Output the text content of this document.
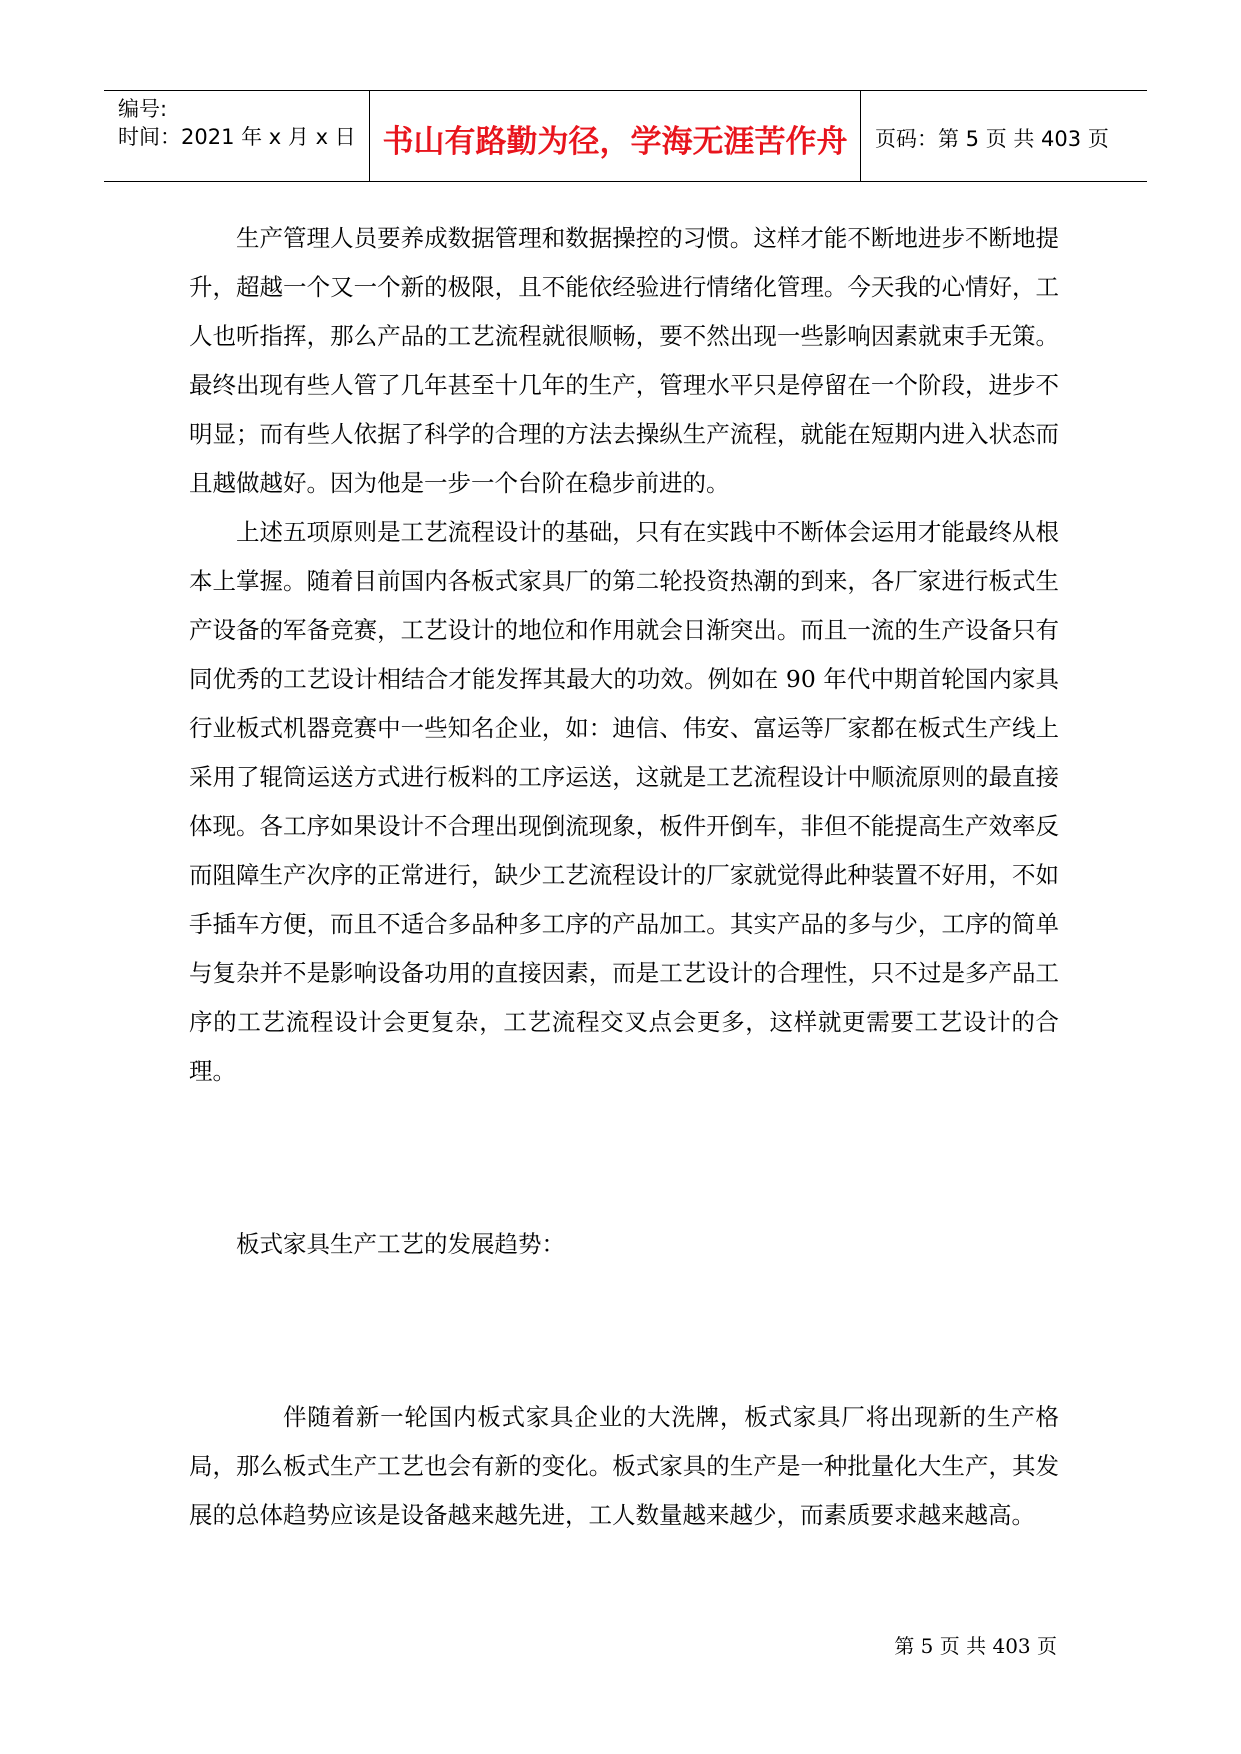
编号:
时间：2021 年 x 月 x 日 书山有路勤为径，学海无涯苦作舟	页码：第 5 页 共 403 页

生产管理人员要养成数据管理和数据操控的习惯。这样才能不断地进步不断地提升，超越一个又一个新的极限，且不能依经验进行情绪化管理。今天我的心情好，工人也听指挥，那么产品的工艺流程就很顺畅，要不然出现一些影响因素就束手无策。最终出现有些人管了几年甚至十几年的生产，管理水平只是停留在一个阶段，进步不明显；而有些人依据了科学的合理的方法去操纵生产流程，就能在短期内进入状态而且越做越好。因为他是一步一个台阶在稳步前进的。

上述五项原则是工艺流程设计的基础，只有在实践中不断体会运用才能最终从根本上掌握。随着目前国内各板式家具厂的第二轮投资热潮的到来，各厂家进行板式生产设备的军备竞赛，工艺设计的地位和作用就会日渐突出。而且一流的生产设备只有同优秀的工艺设计相结合才能发挥其最大的功效。例如在 90 年代中期首轮国内家具行业板式机器竞赛中一些知名企业，如：迪信、伟安、富运等厂家都在板式生产线上采用了辊筒运送方式进行板料的工序运送，这就是工艺流程设计中顺流原则的最直接体现。各工序如果设计不合理出现倒流现象，板件开倒车，非但不能提高生产效率反而阻障生产次序的正常进行，缺少工艺流程设计的厂家就觉得此种装置不好用，不如手插车方便，而且不适合多品种多工序的产品加工。其实产品的多与少，工序的简单与复杂并不是影响设备功用的直接因素，而是工艺设计的合理性，只不过是多产品工序的工艺流程设计会更复杂，工艺流程交叉点会更多，这样就更需要工艺设计的合理。

板式家具生产工艺的发展趋势：

伴随着新一轮国内板式家具企业的大洗牌，板式家具厂将出现新的生产格局，那么板式生产工艺也会有新的变化。板式家具的生产是一种批量化大生产，其发展的总体趋势应该是设备越来越先进，工人数量越来越少，而素质要求越来越高。

第 5 页 共 403 页
